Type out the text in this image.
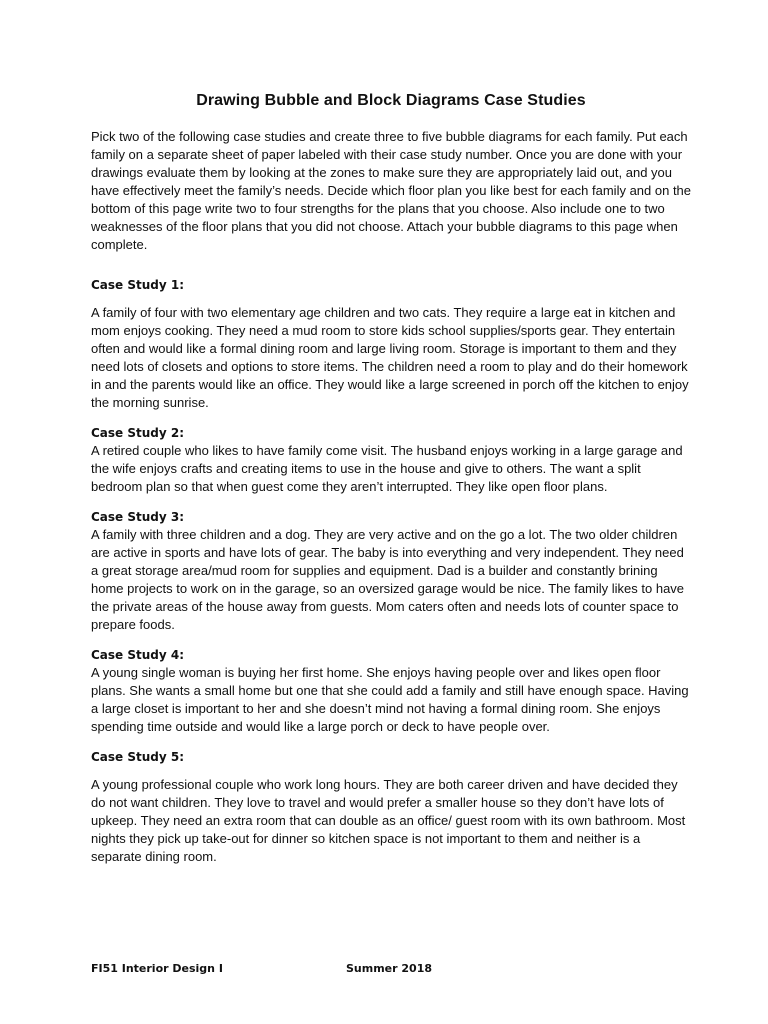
Drawing Bubble and Block Diagrams Case Studies

Pick two of the following case studies and create three to five bubble diagrams for each family. Put each family on a separate sheet of paper labeled with their case study number. Once you are done with your drawings evaluate them by looking at the zones to make sure they are appropriately laid out, and you have effectively meet the family’s needs. Decide which floor plan you like best for each family and on the bottom of this page write two to four strengths for the plans that you choose. Also include one to two weaknesses of the floor plans that you did not choose. Attach your bubble diagrams to this page when complete.

Case Study 1:

A family of four with two elementary age children and two cats. They require a large eat in kitchen and mom enjoys cooking. They need a mud room to store kids school supplies/sports gear. They entertain often and would like a formal dining room and large living room. Storage is important to them and they need lots of closets and options to store items. The children need a room to play and do their homework in and the parents would like an office. They would like a large screened in porch off the kitchen to enjoy the morning sunrise.

Case Study 2:

A retired couple who likes to have family come visit. The husband enjoys working in a large garage and the wife enjoys crafts and creating items to use in the house and give to others. The want a split bedroom plan so that when guest come they aren’t interrupted. They like open floor plans.

Case Study 3:

A family with three children and a dog. They are very active and on the go a lot. The two older children are active in sports and have lots of gear. The baby is into everything and very independent. They need a great storage area/mud room for supplies and equipment. Dad is a builder and constantly brining home projects to work on in the garage, so an oversized garage would be nice. The family likes to have the private areas of the house away from guests. Mom caters often and needs lots of counter space to prepare foods.

Case Study 4:

A young single woman is buying her first home. She enjoys having people over and likes open floor plans. She wants a small home but one that she could add a family and still have enough space. Having a large closet is important to her and she doesn’t mind not having a formal dining room. She enjoys spending time outside and would like a large porch or deck to have people over.

Case Study 5:

A young professional couple who work long hours. They are both career driven and have decided they do not want children. They love to travel and would prefer a smaller house so they don’t have lots of upkeep. They need an extra room that can double as an office/ guest room with its own bathroom. Most nights they pick up take-out for dinner so kitchen space is not important to them and neither is a separate dining room.

FI51 Interior Design I	Summer 2018
